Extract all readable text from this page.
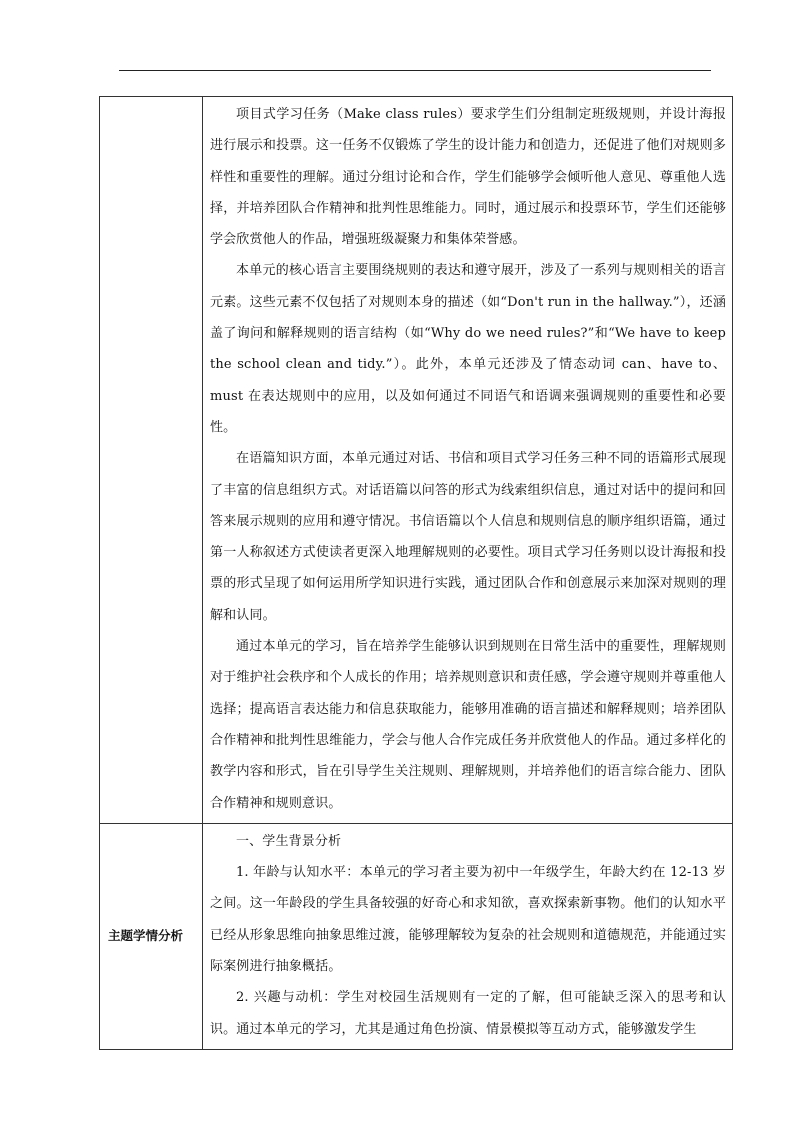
	项目式学习任务（Make class rules）要求学生们分组制定班级规则，并设计海报进行展示和投票。这一任务不仅锻炼了学生的设计能力和创造力，还促进了他们对规则多样性和重要性的理解。通过分组讨论和合作，学生们能够学会倾听他人意见、尊重他人选择，并培养团队合作精神和批判性思维能力。同时，通过展示和投票环节，学生们还能够学会欣赏他人的作品，增强班级凝聚力和集体荣誉感。

本单元的核心语言主要围绕规则的表达和遵守展开，涉及了一系列与规则相关的语言元素。这些元素不仅包括了对规则本身的描述（如“Don't run in the hallway.”），还涵盖了询问和解释规则的语言结构（如“Why do we need rules?”和“We have to keep the school clean and tidy.”）。此外，本单元还涉及了情态动词 can、have to、must 在表达规则中的应用，以及如何通过不同语气和语调来强调规则的重要性和必要性。

在语篇知识方面，本单元通过对话、书信和项目式学习任务三种不同的语篇形式展现了丰富的信息组织方式。对话语篇以问答的形式为线索组织信息，通过对话中的提问和回答来展示规则的应用和遵守情况。书信语篇以个人信息和规则信息的顺序组织语篇，通过第一人称叙述方式使读者更深入地理解规则的必要性。项目式学习任务则以设计海报和投票的形式呈现了如何运用所学知识进行实践，通过团队合作和创意展示来加深对规则的理解和认同。

通过本单元的学习，旨在培养学生能够认识到规则在日常生活中的重要性，理解规则对于维护社会秩序和个人成长的作用；培养规则意识和责任感，学会遵守规则并尊重他人选择；提高语言表达能力和信息获取能力，能够用准确的语言描述和解释规则；培养团队合作精神和批判性思维能力，学会与他人合作完成任务并欣赏他人的作品。通过多样化的教学内容和形式，旨在引导学生关注规则、理解规则，并培养他们的语言综合能力、团队合作精神和规则意识。

主题学情分析	一、学生背景分析

1. 年龄与认知水平：本单元的学习者主要为初中一年级学生，年龄大约在 12-13 岁之间。这一年龄段的学生具备较强的好奇心和求知欲，喜欢探索新事物。他们的认知水平已经从形象思维向抽象思维过渡，能够理解较为复杂的社会规则和道德规范，并能通过实际案例进行抽象概括。

2. 兴趣与动机：学生对校园生活规则有一定的了解，但可能缺乏深入的思考和认识。通过本单元的学习，尤其是通过角色扮演、情景模拟等互动方式，能够激发学生
